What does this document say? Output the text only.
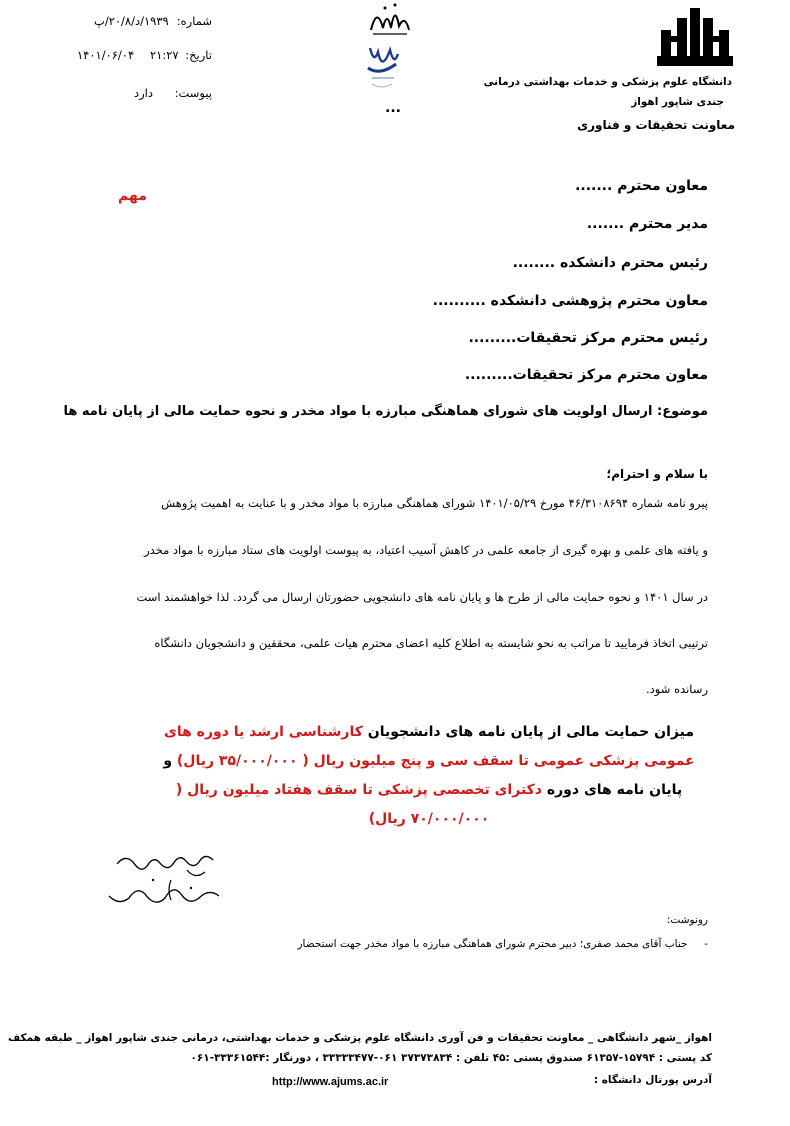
دانشگاه علوم پزشکی و خدمات بهداشتی درمانی
جندی شاپور اهواز
معاونت تحقیقات و فناوری
...
شماره:
۱۹۳۹/د/۲۰/۸/پ
تاریخ:
۲۱:۲۷
۱۴۰۱/۰۶/۰۴
پیوست:
دارد
مهم
معاون محترم .......
مدیر محترم .......
رئیس محترم دانشکده ........
معاون محترم پژوهشی دانشکده ..........
رئیس محترم مرکز تحقیقات.........
معاون محترم مرکز تحقیقات.........
موضوع: ارسال اولویت های شورای هماهنگی مبارزه با مواد مخدر و نحوه حمایت مالی از پایان نامه ها
با سلام و احترام؛
پیرو نامه شماره ۴۶/۳۱۰۸۶۹۴ مورخ ۱۴۰۱/۰۵/۲۹ شورای هماهنگی مبارزه با مواد مخدر و با عنایت به اهمیت پژوهش
و یافته های علمی و بهره گیری از جامعه علمی در کاهش آسیب اعتیاد، به پیوست اولویت های ستاد مبارزه با مواد مخدر
در سال ۱۴۰۱ و نحوه حمایت مالی از طرح ها و پایان نامه های دانشجویی حضورتان ارسال می گردد. لذا خواهشمند است
ترتیبی اتخاذ فرمایید تا مراتب به نحو شایسته به اطلاع کلیه اعضای محترم هیات علمی، محققین و دانشجویان دانشگاه
رسانده شود.
میزان حمایت مالی از پایان نامه های دانشجویان کارشناسی ارشد یا دوره های عمومی پزشکی عمومی تا سقف سی و پنج میلیون ریال ( ۳۵/۰۰۰/۰۰۰ ریال) و پایان نامه های دوره دکترای تخصصی پزشکی تا سقف هفتاد میلیون ریال ( ۷۰/۰۰۰/۰۰۰ ریال)
رونوشت:
-     جناب آقای محمد صفری؛ دبیر محترم شورای هماهنگی مبارزه با مواد مخدر جهت استحضار
اهواز _شهر دانشگاهی _ معاونت تحقیقات و فن آوری دانشگاه علوم پزشکی و خدمات بهداشتی، درمانی جندی شاپور اهواز _ طبقه همکف
کد پستی : ۱۵۷۹۴-۶۱۳۵۷ صندوق پستی :۴۵ تلفن : ۳۷۳۷۳۸۳۴ ۰۶۱-۳۳۳۳۳۴۷۷ ، دورنگار :۳۳۳۶۱۵۴۴-۰۶۱
آدرس پورتال دانشگاه :
http://www.ajums.ac.ir
